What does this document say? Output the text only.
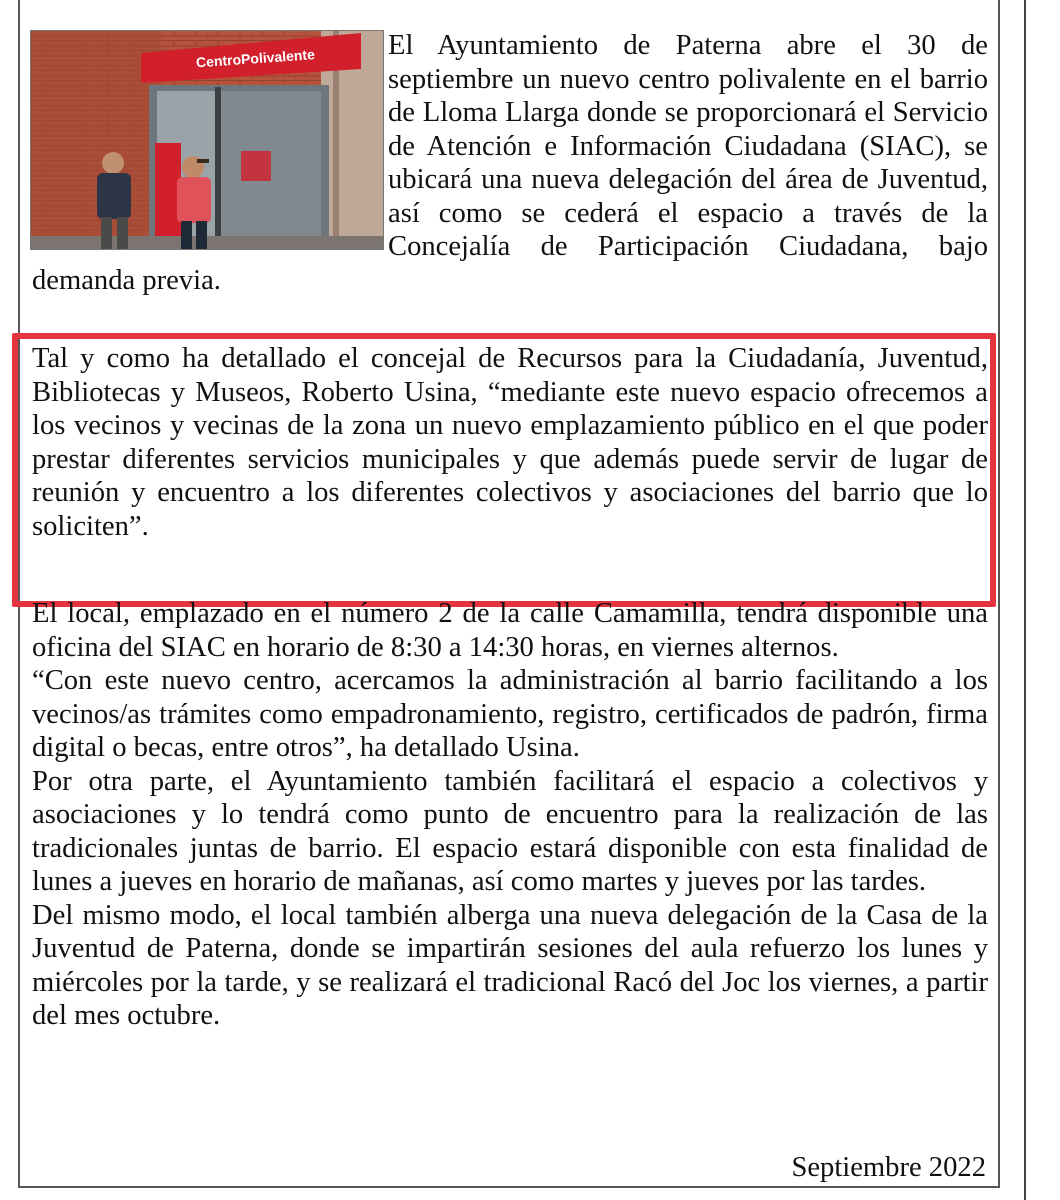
CentroPolivalente	El Ayuntamiento de Paterna abre el 30 de septiembre un nuevo centro polivalente en el barrio de Lloma Llarga donde se proporcionará el Servicio de Atención e Información Ciudadana (SIAC), se ubicará una nueva delegación del área de Juventud, así como se cederá el espacio a través de la Concejalía de Participación Ciudadana, bajo demanda previa.

Tal y como ha detallado el concejal de Recursos para la Ciudadanía, Juventud, Bibliotecas y Museos, Roberto Usina, “mediante este nuevo espacio ofrecemos a los vecinos y vecinas de la zona un nuevo emplazamiento público en el que poder prestar diferentes servicios municipales y que además puede servir de lugar de reunión y encuentro a los diferentes colectivos y asociaciones del barrio que lo soliciten”.

El local, emplazado en el número 2 de la calle Camamilla, tendrá disponible una oficina del SIAC en horario de 8:30 a 14:30 horas, en viernes alternos.

“Con este nuevo centro, acercamos la administración al barrio facilitando a los vecinos/as trámites como empadronamiento, registro, certificados de padrón, firma digital o becas, entre otros”, ha detallado Usina.

Por otra parte, el Ayuntamiento también facilitará el espacio a colectivos y asociaciones y lo tendrá como punto de encuentro para la realización de las tradicionales juntas de barrio. El espacio estará disponible con esta finalidad de lunes a jueves en horario de mañanas, así como martes y jueves por las tardes.

Del mismo modo, el local también alberga una nueva delegación de la Casa de la Juventud de Paterna, donde se impartirán sesiones del aula refuerzo los lunes y miércoles por la tarde, y se realizará el tradicional Racó del Joc los viernes, a partir del mes octubre.

Septiembre 2022
